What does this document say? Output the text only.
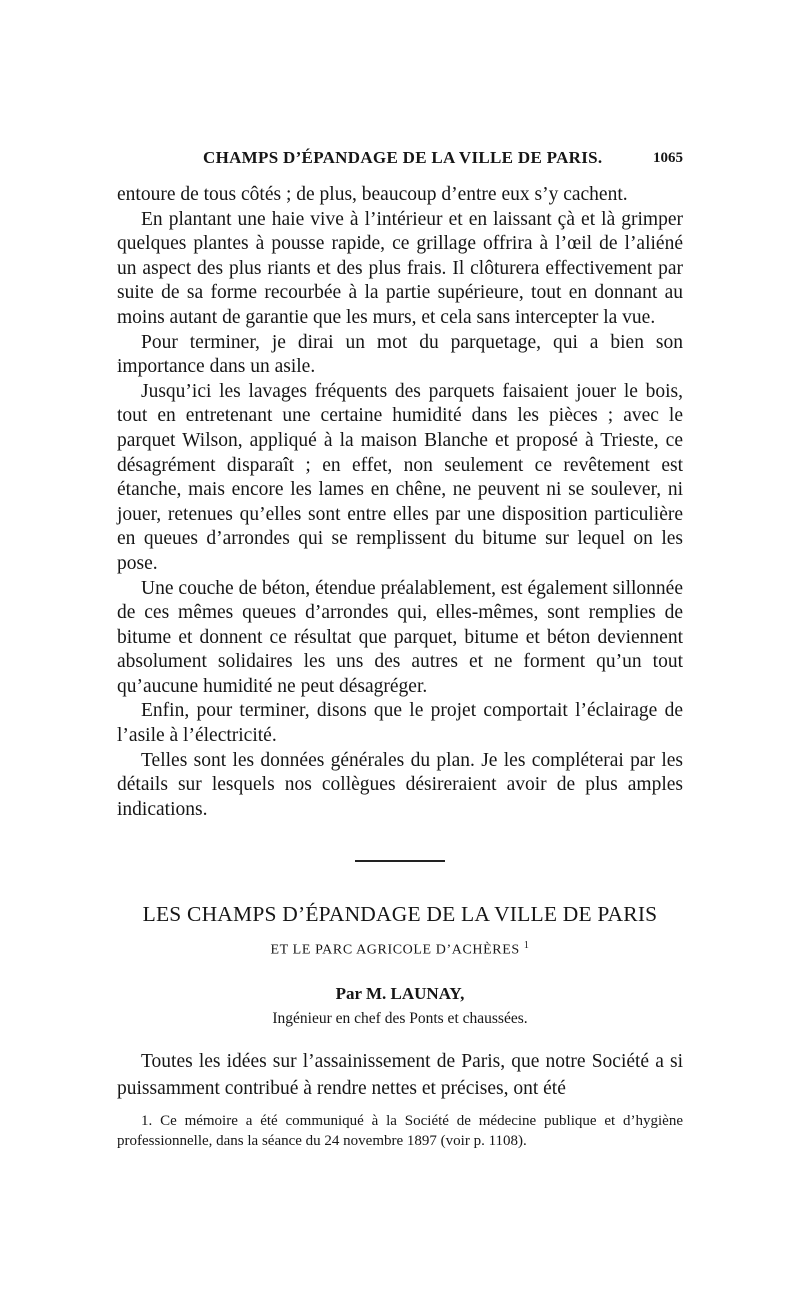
CHAMPS D’ÉPANDAGE DE LA VILLE DE PARIS.	1065

entoure de tous côtés ; de plus, beaucoup d’entre eux s’y cachent.

En plantant une haie vive à l’intérieur et en laissant çà et là grimper quelques plantes à pousse rapide, ce grillage offrira à l’œil de l’aliéné un aspect des plus riants et des plus frais. Il clôturera effectivement par suite de sa forme recourbée à la partie supérieure, tout en donnant au moins autant de garantie que les murs, et cela sans intercepter la vue.

Pour terminer, je dirai un mot du parquetage, qui a bien son importance dans un asile.

Jusqu’ici les lavages fréquents des parquets faisaient jouer le bois, tout en entretenant une certaine humidité dans les pièces ; avec le parquet Wilson, appliqué à la maison Blanche et proposé à Trieste, ce désagrément disparaît ; en effet, non seulement ce revêtement est étanche, mais encore les lames en chêne, ne peuvent ni se soulever, ni jouer, retenues qu’elles sont entre elles par une disposition particulière en queues d’arrondes qui se remplissent du bitume sur lequel on les pose.

Une couche de béton, étendue préalablement, est également sillonnée de ces mêmes queues d’arrondes qui, elles-mêmes, sont remplies de bitume et donnent ce résultat que parquet, bitume et béton deviennent absolument solidaires les uns des autres et ne forment qu’un tout qu’aucune humidité ne peut désagréger.

Enfin, pour terminer, disons que le projet comportait l’éclairage de l’asile à l’électricité.

Telles sont les données générales du plan. Je les compléterai par les détails sur lesquels nos collègues désireraient avoir de plus amples indications.

LES CHAMPS D’ÉPANDAGE DE LA VILLE DE PARIS
ET LE PARC AGRICOLE D’ACHÈRES $^1$
Par M. LAUNAY,
Ingénieur en chef des Ponts et chaussées.

Toutes les idées sur l’assainissement de Paris, que notre Société a si puissamment contribué à rendre nettes et précises, ont été

1. Ce mémoire a été communiqué à la Société de médecine publique et d’hygiène professionnelle, dans la séance du 24 novembre 1897 (voir p. 1108).
